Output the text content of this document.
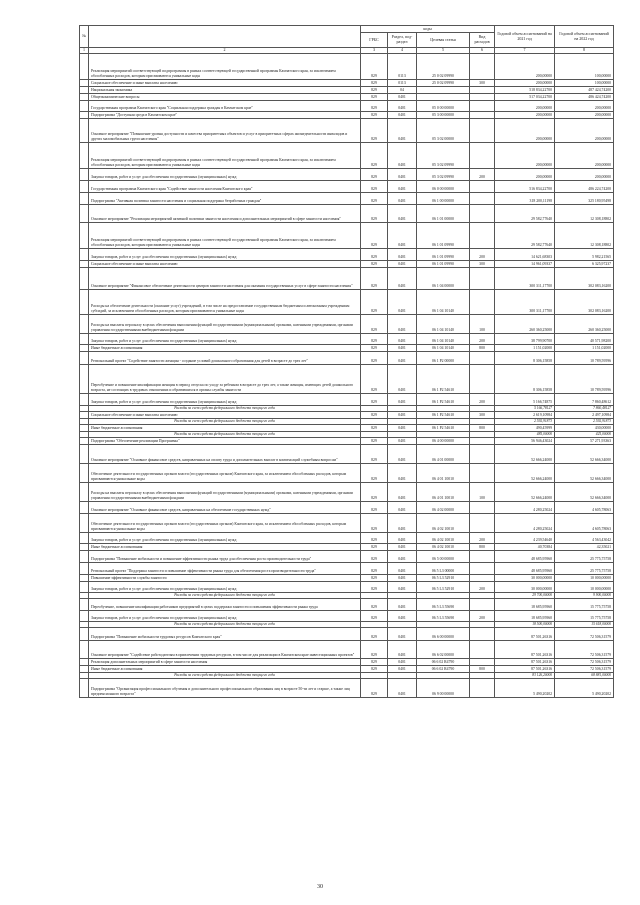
№		коды				Годовой объем ассигнований на 2021 год	Годовой объем ассигнований на 2022 год
		ГРБС	Раздел, под-раздел	Целевая статья	Вид расходов		
1	2	3	4	5	6	7	8
	Реализация мероприятий соответствующей подпрограммы в рамках соответствующей государственной программы Камчатского края, за исключением обособленных расходов, которым присваиваются уникальные коды	829	0113	25 0 02 09990		200,00000	100,00000
	Социальное обеспечение и иные выплаты населению	829	0113	25 0 02 09990	300	200,00000	100,00000
	Национальная экономика	829	04			518 834,22700	487 424,74200
	Общеэкономические вопросы	829	0401			517 034,22700	486 424,74200
	Государственная программа Камчатского края "Социальная поддержка граждан в Камчатском крае"	829	0401	05 0 00 00000		200,00000	200,00000
	Подпрограмма "Доступная среда в Камчатском крае"	829	0401	05 3 00 00000		200,00000	200,00000
	Основное мероприятие "Повышение уровня доступности и качества приоритетных объектов и услуг в приоритетных сферах жизнедеятельности инвалидов и других маломобильных групп населения"	829	0401	05 3 02 00000		200,00000	200,00000
	Реализация мероприятий соответствующей подпрограммы в рамках соответствующей государственной программы Камчатского края, за исключением обособленных расходов, которым присваиваются уникальные коды	829	0401	05 3 02 09990		200,00000	200,00000
	Закупка товаров, работ и услуг для обеспечения государственных (муниципальных) нужд	829	0401	05 3 02 09990	200	200,00000	200,00000
	Государственная программа Камчатского края "Содействие занятости населения Камчатского края"	829	0401	06 0 00 00000		516 834,22700	486 224,74200
	Подпрограмма "Активная политика занятости населения и социальная поддержка безработных граждан"	829	0401	06 1 00 00000		318 200,11198	325 180,95498
	Основное мероприятие "Реализация мероприятий активной политики занятости населения и дополнительных мероприятий в сфере занятости населения"	829	0401	06 1 01 00000		29 582,77640	12 308,18802
	Реализация мероприятий соответствующей подпрограммы в рамках соответствующей государственной программы Камчатского края, за исключением обособленных расходов, которым присваиваются уникальные коды	829	0401	06 1 01 09990		29 582,77640	12 308,18802
	Закупка товаров, работ и услуг для обеспечения государственных (муниципальных) нужд	829	0401	06 1 01 09990	200	14 621,68303	5 982,21565
	Социальное обеспечение и иные выплаты населению	829	0401	06 1 01 09990	300	14 961,09337	6 325,97237
	Основное мероприятие "Финансовое обеспечение деятельности центров занятости населения для оказания государственных услуг в сфере занятости населения"	829	0401	06 1 04 00000		300 311,17700	302 083,16200
	Расходы на обеспечение деятельности (оказание услуг) учреждений, в том числе на предоставление государственным бюджетным и автономным учреждениям субсидий, за исключением обособленных расходов, которым присваиваются уникальные коды	829	0401	06 1 04 10140		300 311,17700	302 083,16200
	Расходы на выплаты персоналу в целях обеспечения выполнения функций государственными (муниципальными) органами, казенными учреждениями, органами управления государственными внебюджетными фондами	829	0401	06 1 04 10140	100	260 360,25000	260 360,25000
	Закупка товаров, работ и услуг для обеспечения государственных (муниципальных) нужд	829	0401	06 1 04 10140	200	38 799,90700	40 571,98200
	Иные бюджетные ассигнования	829	0401	06 1 04 10140	800	1 151,02000	1 151,02000
	Региональный проект "Содействие занятости женщин - создание условий дошкольного образования для детей в возрасте до трех лет"	829	0401	06 1 P2 00000		8 306,15858	10 789,59596
	Переобучение и повышение квалификации женщин в период отпуска по уходу за ребенком в возрасте до трех лет, а также женщин, имеющих детей дошкольного возраста, не состоящих в трудовых отношениях и обратившихся в органы службы занятости	829	0401	06 1 P2 54610		8 306,15858	10 789,59596
	Закупка товаров, работ и услуг для обеспечения государственных (муниципальных) нужд	829	0401	06 1 P2 54610	200	5 166,74875	7 860,48612
	Расходы за счет средств федерального бюджета текущего года					5 166,78127	7 860,48127
	Социальное обеспечение и иные выплаты населению	829	0401	06 1 P2 54610	300	2 619,10984	2 497,10984
	Расходы за счет средств федерального бюджета текущего года					2 592,91873	2 592,91873
	Иные бюджетные ассигнования	829	0401	06 1 P2 54610	800	490,45999	430,00000
	Расходы за счет средств федерального бюджета текущего года					485,00000	425,00000
	Подпрограмма "Обеспечение реализации Программы"	829	0401	06 4 00 00000		56 946,43024	57 271,93363
	Основное мероприятие "Основное финансовое средств, направленных на оплату труда и дополнительных выплат в компенсаций служебным вопросам"	829	0401	06 4 01 00000		52 666,24000	52 666,34000
	Обеспечение деятельности государственных органов власти (государственных органов) Камчатского края, за исключением обособленных расходов, которым присваиваются уникальные коды	829	0401	06 4 01 10010		52 666,24000	52 666,34000
	Расходы на выплаты персоналу в целях обеспечения выполнения функций государственными (муниципальными) органами, казенными учреждениями, органами управления государственными внебюджетными фондами	829	0401	06 4 01 10010	100	52 666,24000	52 666,34000
	Основное мероприятие "Основное финансовое средств, направленных на обеспечение государственных нужд"	829	0401	06 4 02 00000		4 280,25024	4 605,78063
	Обеспечение деятельности государственных органов власти (государственных органов) Камчатского края, за исключением обособленных расходов, которым присваиваются уникальные коды	829	0401	06 4 02 10010		4 280,25024	4 605,78063
	Закупка товаров, работ и услуг для обеспечения государственных (муниципальных) нужд	829	0401	06 4 02 10010	200	4 239,54640	4 563,43042
	Иные бюджетные ассигнования	829	0401	06 4 02 10010	800	40,70384	42,35021
	Подпрограмма "Повышение мобильности и повышение эффективности рынка труда для обеспечения роста производительности труда"	829	0401	06 5 00 00000		48 685,95960	25 775,75758
	Региональный проект "Поддержка занятости и повышение эффективности рынка труда для обеспечения роста производительности труда"	829	0401	06 5 L3 00000		48 685,95960	25 775,75758
	Повышение эффективности службы занятости	829	0401	06 5 L3 52910		30 000,00000	10 000,00000
	Закупка товаров, работ и услуг для обеспечения государственных (муниципальных) нужд	829	0401	06 5 L3 52910	200	30 000,00000	10 000,00000
	Расходы за счет средств федерального бюджета текущего года					29 700,00000	9 900,00000
	Переобучение, повышение квалификации работников предприятий в целях поддержки занятости и повышения эффективности рынка труда	829	0401	06 5 L3 55690		18 685,95960	15 775,75758
	Закупка товаров, работ и услуг для обеспечения государственных (муниципальных) нужд	829	0401	06 5 L3 55690	200	18 685,95960	15 775,75758
	Расходы за счет средств федерального бюджета текущего года					18 500,00000	15 618,00000
	Подпрограмма "Повышение мобильности трудовых ресурсов Камчатского края"	829	0401	06 6 00 00000		87 501,26316	72 506,31579
	Основное мероприятие "Содействие работодателям в привлечении трудовых ресурсов, в том числе для реализации в Камчатском крае инвестиционных проектов"	829	0401	06 6 02 00000		87 501,26316	72 506,31579
	Реализация дополнительных мероприятий в сфере занятости населения	829	0401	06 6 02 R4790		87 501,26316	72 506,31579
	Иные бюджетные ассигнования	829	0401	06 6 02 R4790	800	87 501,26316	72 506,31579
	Расходы за счет средств федерального бюджета текущего года					83 126,20000	68 881,00000
	Подпрограмма "Организация профессионального обучения и дополнительного профессионального образования лиц в возрасте 50-ти лет и старше, а также лиц предпенсионного возраста"	829	0401	06 9 00 00000		5 490,20202	5 490,20202
30
